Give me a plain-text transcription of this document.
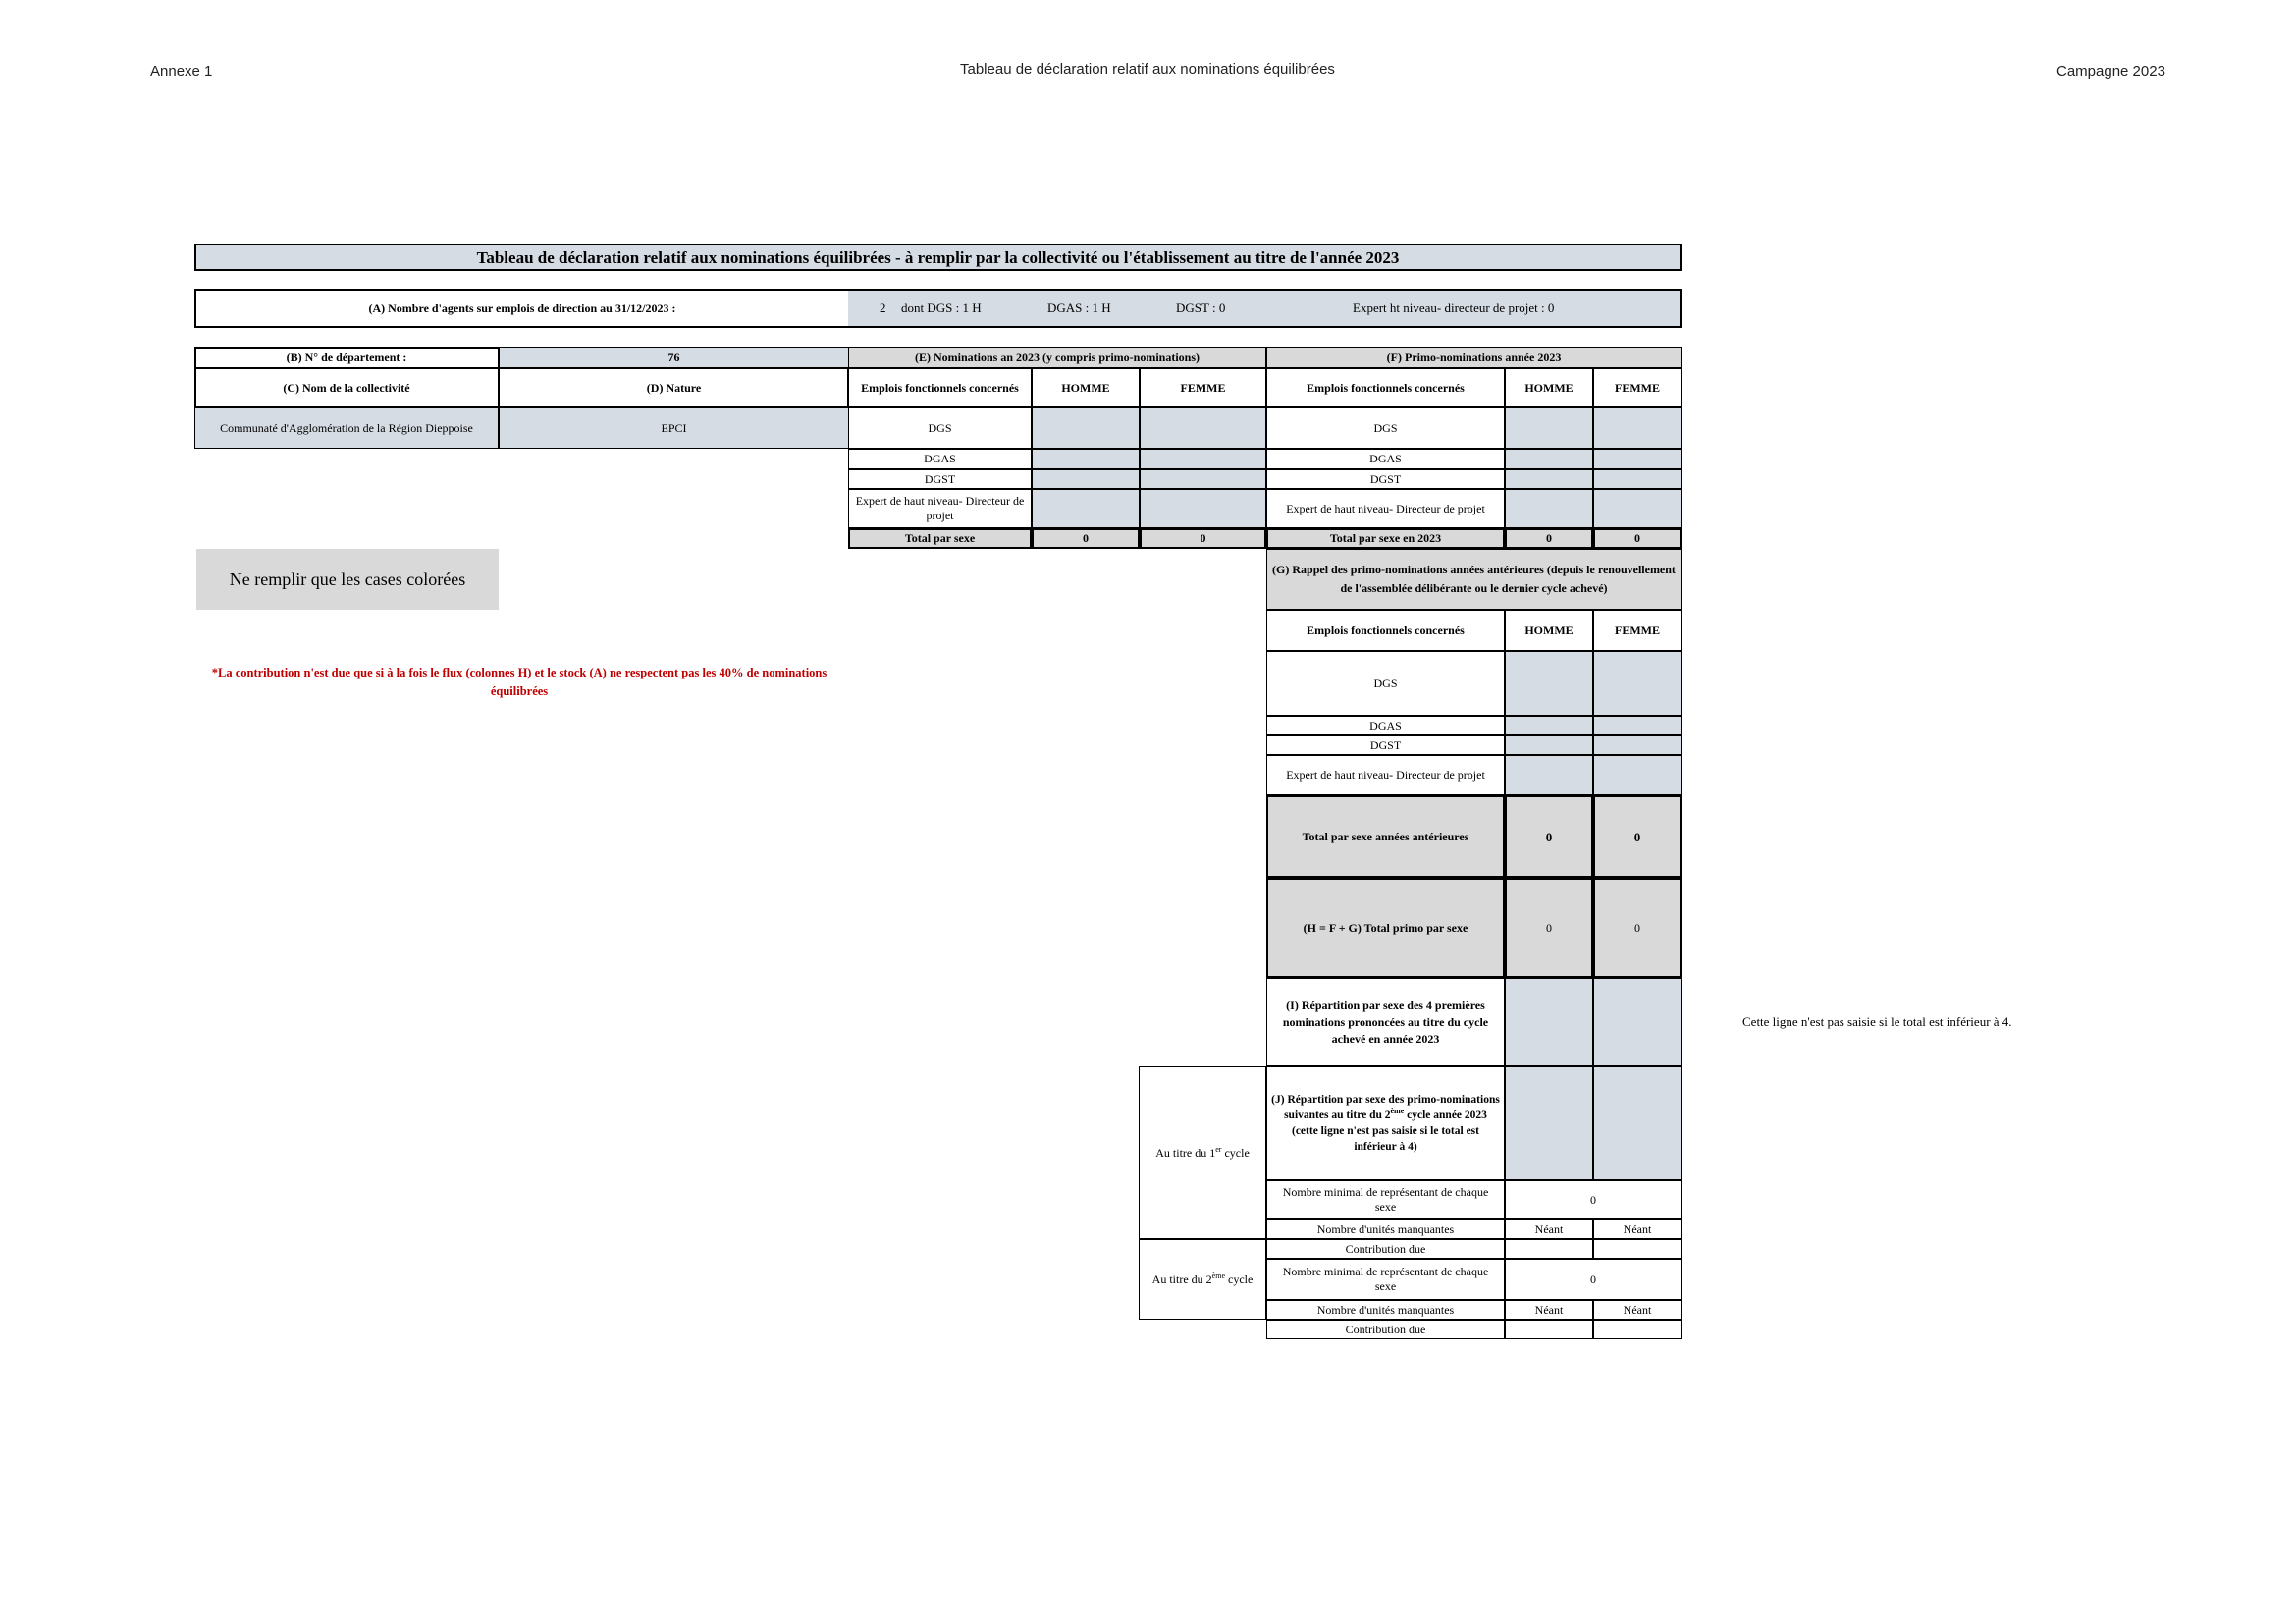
Annexe 1	Tableau de déclaration relatif aux nominations équilibrées	Campagne 2023
Tableau de déclaration relatif aux nominations équilibrées - à remplir par la collectivité ou l'établissement au titre de l'année 2023
(A) Nombre d'agents sur emplois de direction au 31/12/2023 :	2 dont DGS : 1 H	DGAS : 1 H	DGST : 0	Expert ht niveau- directeur de projet : 0
(B) N° de département :	76
(C) Nom de la collectivité	(D) Nature
Communaté d'Agglomération de la Région Dieppoise	EPCI
Ne remplir que les cases colorées
*La contribution n'est due que si à la fois le flux (colonnes H) et le stock (A) ne respectent pas les 40% de nominations équilibrées
(E) Nominations an 2023 (y compris primo-nominations)
Emplois fonctionnels concernés	HOMME	FEMME
DGS
DGAS
DGST
Expert de haut niveau- Directeur de projet
Total par sexe	0	0
(F) Primo-nominations année 2023
Emplois fonctionnels concernés	HOMME	FEMME
DGS
DGAS
DGST
Expert de haut niveau- Directeur de projet
Total par sexe en 2023	0	0
(G) Rappel des primo-nominations années antérieures (depuis le renouvellement de l'assemblée délibérante ou le dernier cycle achevé)
Emplois fonctionnels concernés	HOMME	FEMME
DGS
DGAS
DGST
Expert de haut niveau- Directeur de projet
Total par sexe années antérieures	0	0
(H = F + G) Total primo par sexe	0	0
(I) Répartition par sexe des 4 premières nominations prononcées au titre du cycle achevé en année 2023
Cette ligne n'est pas saisie si le total est inférieur à 4.
Au titre du 1er cycle
(J) Répartition par sexe des primo-nominations suivantes au titre du 2ème cycle année 2023 (cette ligne n'est pas saisie si le total est inférieur à 4)
Nombre minimal de représentant de chaque sexe
0
Nombre d'unités manquantes	Néant	Néant
Contribution due
Au titre du 2ème cycle
Nombre minimal de représentant de chaque sexe
0
Nombre d'unités manquantes	Néant	Néant
Contribution due
